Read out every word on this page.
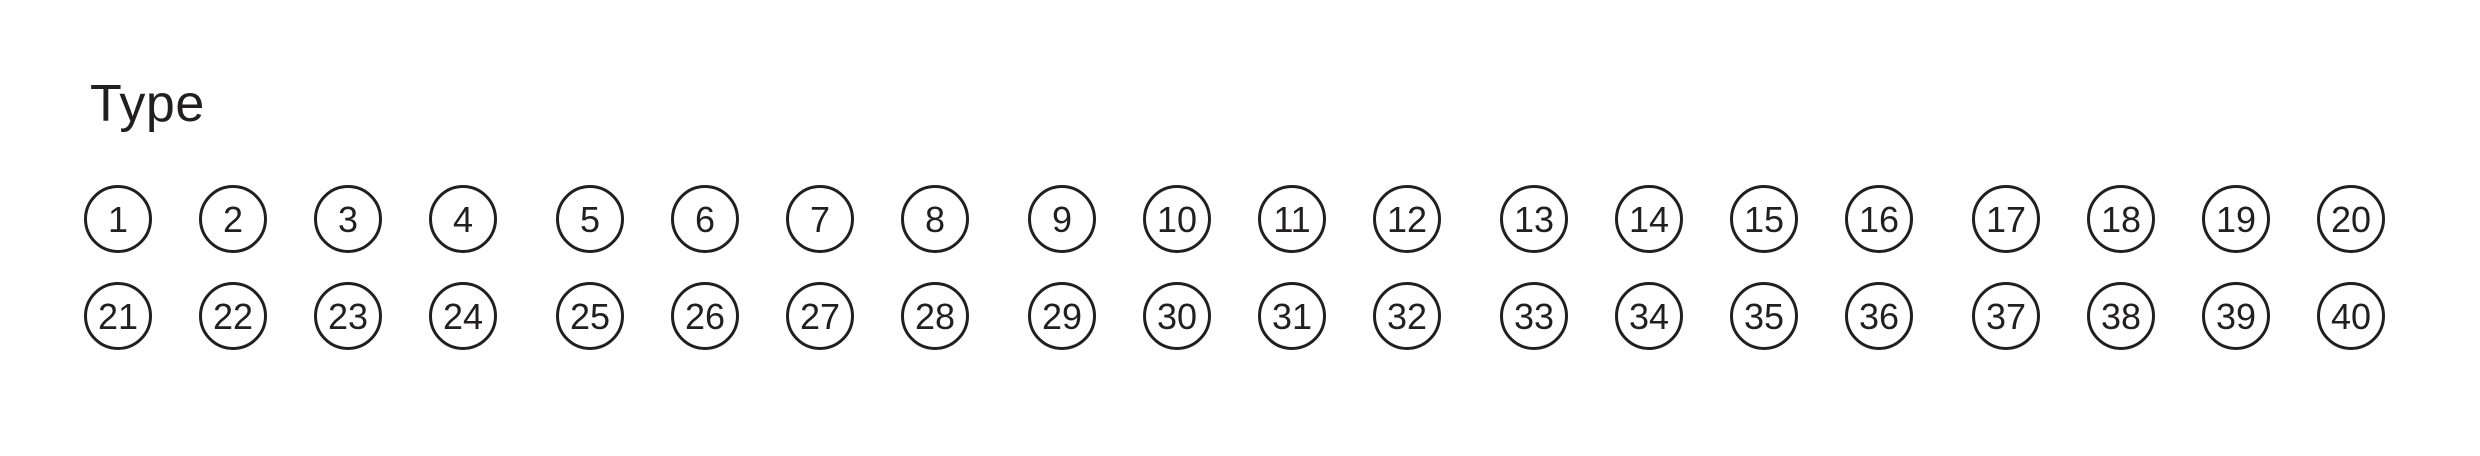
Type
1	2	3	4	5	6	7	8	9 10 11 12 13 14 15 16 17 18 19 20
21 22 23 24 25 26 27 28 29 30 31 32 33 34 35 36 37 38 39 40
